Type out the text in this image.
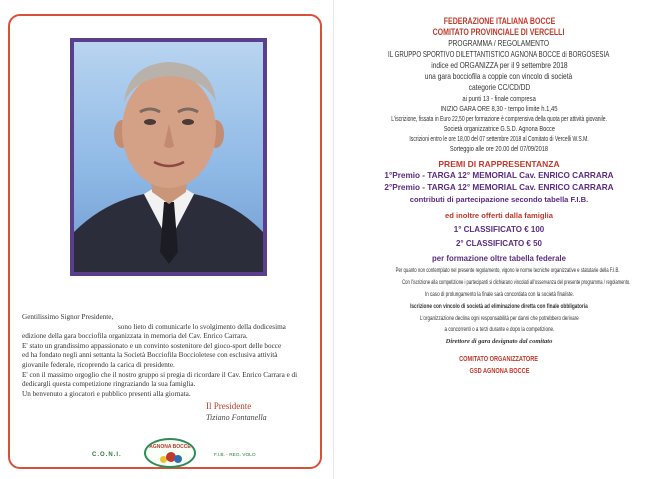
Gentilissimo Signor Presidente,

sono lieto di comunicarle lo svolgimento della dodicesima

edizione della gara bocciofila organizzata in memoria del Cav. Enrico Carrara.

E' stato un grandissimo appassionato e un convinto sostenitore del gioco-sport delle bocce

ed ha fondato negli anni settanta la Società Bocciofila Boccioletese con esclusiva attività

giovanile federale, ricoprendo la carica di presidente.

E' con il massimo orgoglio che il nostro gruppo si pregia di ricordare il Cav. Enrico Carrara e di

dedicargli questa competizione ringraziando la sua famiglia.

Un benvenuto a giocatori e pubblico presenti alla giornata.

Il Presidente
Tiziano Fontanella
C.O.N.I.
AGNONA BOCCE
F.I.B. - REG. VOLO
FEDERAZIONE ITALIANA BOCCE
COMITATO PROVINCIALE DI VERCELLI
PROGRAMMA / REGOLAMENTO
IL GRUPPO SPORTIVO DILETTANTISTICO AGNONA BOCCE di BORGOSESIA
indice ed ORGANIZZA per il 9 settembre 2018
una gara bocciofila a coppie con vincolo di società
categorie CC/CD/DD
ai punti 13 - finale compresa
INIZIO GARA ORE 8,30 - tempo limite h.1,45
L'iscrizione, fissata in Euro 22,50 per formazione è comprensiva della quota per attività giovanile.
Società organizzatrice G.S.D. Agnona Bocce
Iscrizioni entro le ore 18,00 del 07 settembre 2018 al Comitato di Vercelli W.S.M.
Sorteggio alle ore 20.00 del 07/09/2018
PREMI DI RAPPRESENTANZA
1°Premio - TARGA 12° MEMORIAL Cav. ENRICO CARRARA
2°Premio - TARGA 12° MEMORIAL Cav. ENRICO CARRARA
contributi di partecipazione secondo tabella F.I.B.
ed inoltre offerti dalla famiglia
1° CLASSIFICATO € 100
2° CLASSIFICATO € 50
per formazione oltre tabella federale
Per quanto non contemplato nel presente regolamento, vigono le norme tecniche organizzative e statutarie della F.I.B.
Con l'iscrizione alla competizione i partecipanti si dichiarano vincolati all'osservanza del presente programma / regolamento.
In caso di prolungamento la finale sarà concordata con la società finaliste.
Iscrizione con vincolo di società ad eliminazione diretta con finale obbligatoria
L'organizzazione declina ogni responsabilità per danni che potrebbero derivare
a concorrenti o a terzi durante e dopo la competizione.
Direttore di gara designato dal comitato
COMITATO ORGANIZZATORE
GSD AGNONA BOCCE
